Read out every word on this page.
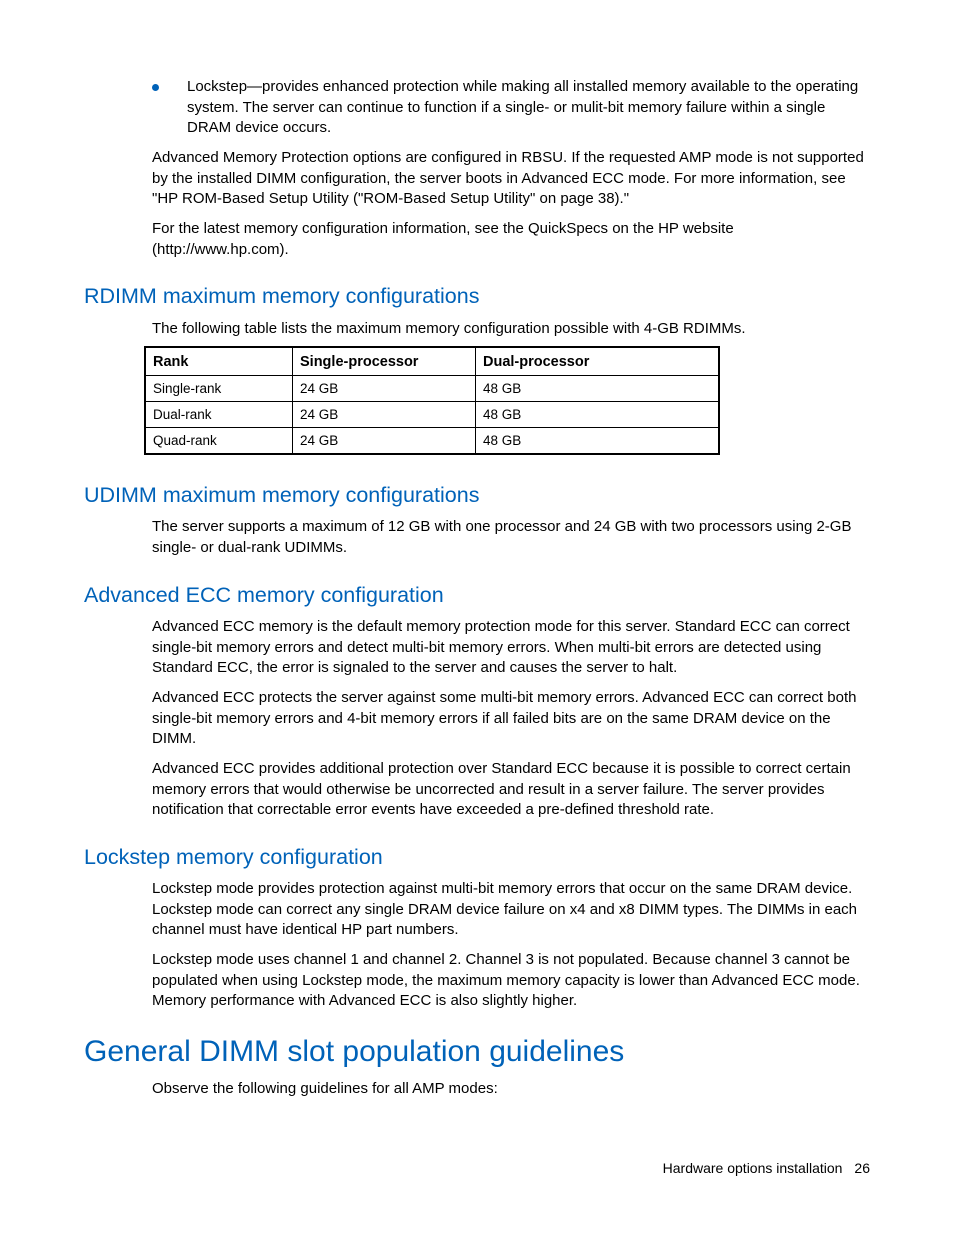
Lockstep—provides enhanced protection while making all installed memory available to the operating system. The server can continue to function if a single- or mulit-bit memory failure within a single DRAM device occurs.

Advanced Memory Protection options are configured in RBSU. If the requested AMP mode is not supported by the installed DIMM configuration, the server boots in Advanced ECC mode. For more information, see "HP ROM-Based Setup Utility ("ROM-Based Setup Utility" on page 38)."

For the latest memory configuration information, see the QuickSpecs on the HP website (http://www.hp.com).

RDIMM maximum memory configurations

The following table lists the maximum memory configuration possible with 4-GB RDIMMs.

Rank	Single-processor	Dual-processor
Single-rank	24 GB	48 GB
Dual-rank	24 GB	48 GB
Quad-rank	24 GB	48 GB
UDIMM maximum memory configurations

The server supports a maximum of 12 GB with one processor and 24 GB with two processors using 2-GB single- or dual-rank UDIMMs.

Advanced ECC memory configuration

Advanced ECC memory is the default memory protection mode for this server. Standard ECC can correct single-bit memory errors and detect multi-bit memory errors. When multi-bit errors are detected using Standard ECC, the error is signaled to the server and causes the server to halt.

Advanced ECC protects the server against some multi-bit memory errors. Advanced ECC can correct both single-bit memory errors and 4-bit memory errors if all failed bits are on the same DRAM device on the DIMM.

Advanced ECC provides additional protection over Standard ECC because it is possible to correct certain memory errors that would otherwise be uncorrected and result in a server failure. The server provides notification that correctable error events have exceeded a pre-defined threshold rate.

Lockstep memory configuration

Lockstep mode provides protection against multi-bit memory errors that occur on the same DRAM device. Lockstep mode can correct any single DRAM device failure on x4 and x8 DIMM types. The DIMMs in each channel must have identical HP part numbers.

Lockstep mode uses channel 1 and channel 2. Channel 3 is not populated. Because channel 3 cannot be populated when using Lockstep mode, the maximum memory capacity is lower than Advanced ECC mode. Memory performance with Advanced ECC is also slightly higher.

General DIMM slot population guidelines

Observe the following guidelines for all AMP modes:

Hardware options installation 26
